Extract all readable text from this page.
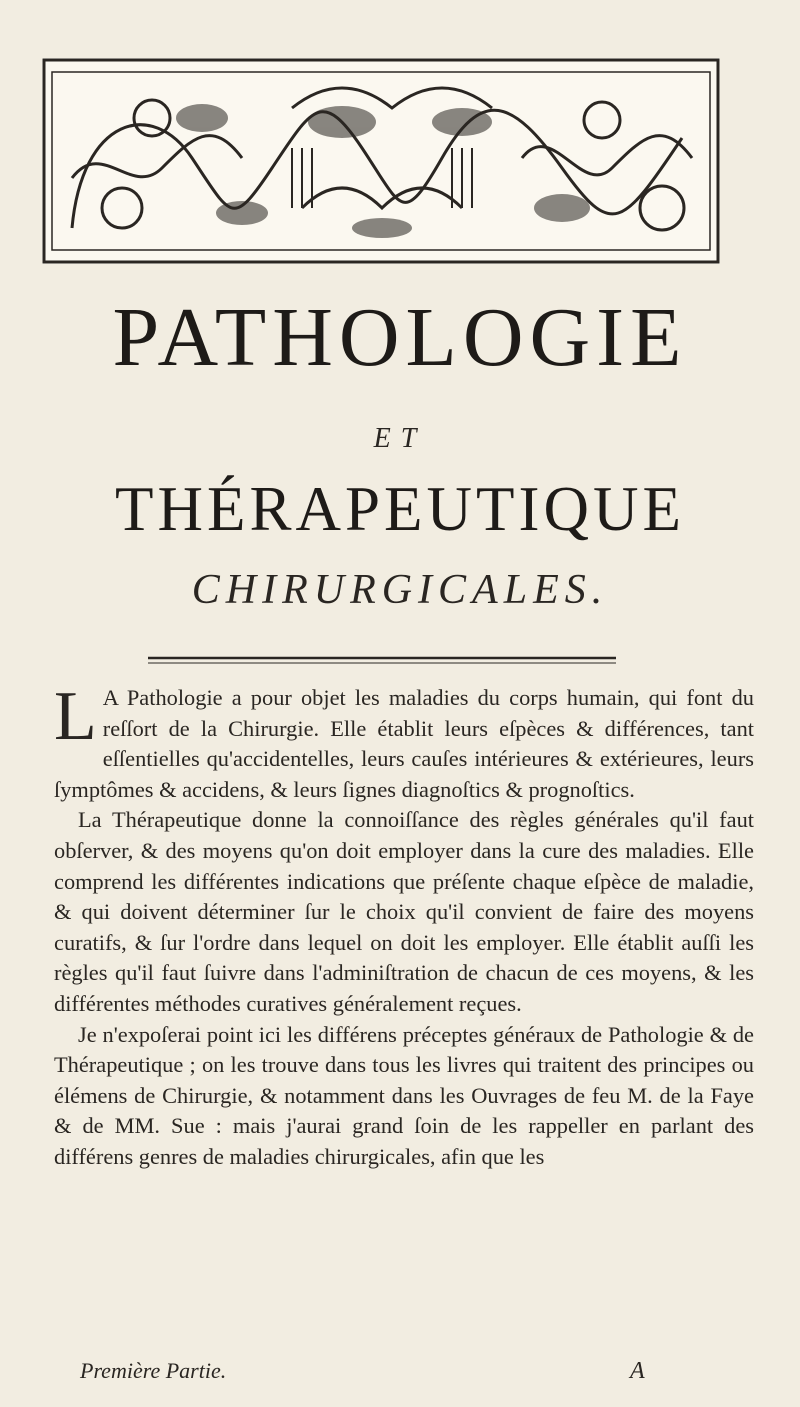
PATHOLOGIE
ET
THÉRAPEUTIQUE
CHIRURGICALES.

L A Pathologie a pour objet les maladies du corps humain, qui font du reſſort de la Chirurgie. Elle établit leurs eſpèces & différences, tant eſſentielles qu'accidentelles, leurs cauſes intérieures & extérieures, leurs ſymptômes & accidens, & leurs ſignes diagnoſtics & prognoſtics.

La Thérapeutique donne la connoiſſance des règles générales qu'il faut obſerver, & des moyens qu'on doit employer dans la cure des maladies. Elle comprend les différentes indications que préſente chaque eſpèce de maladie, & qui doivent déterminer ſur le choix qu'il convient de faire des moyens curatifs, & ſur l'ordre dans lequel on doit les employer. Elle établit auſſi les règles qu'il faut ſuivre dans l'adminiſtration de chacun de ces moyens, & les différentes méthodes curatives généralement reçues.

Je n'expoſerai point ici les différens préceptes généraux de Pathologie & de Thérapeutique ; on les trouve dans tous les livres qui traitent des principes ou élémens de Chirurgie, & notamment dans les Ouvrages de feu M. de la Faye & de MM. Sue : mais j'aurai grand ſoin de les rappeller en parlant des différens genres de maladies chirurgicales, afin que les

Première Partie.	A
